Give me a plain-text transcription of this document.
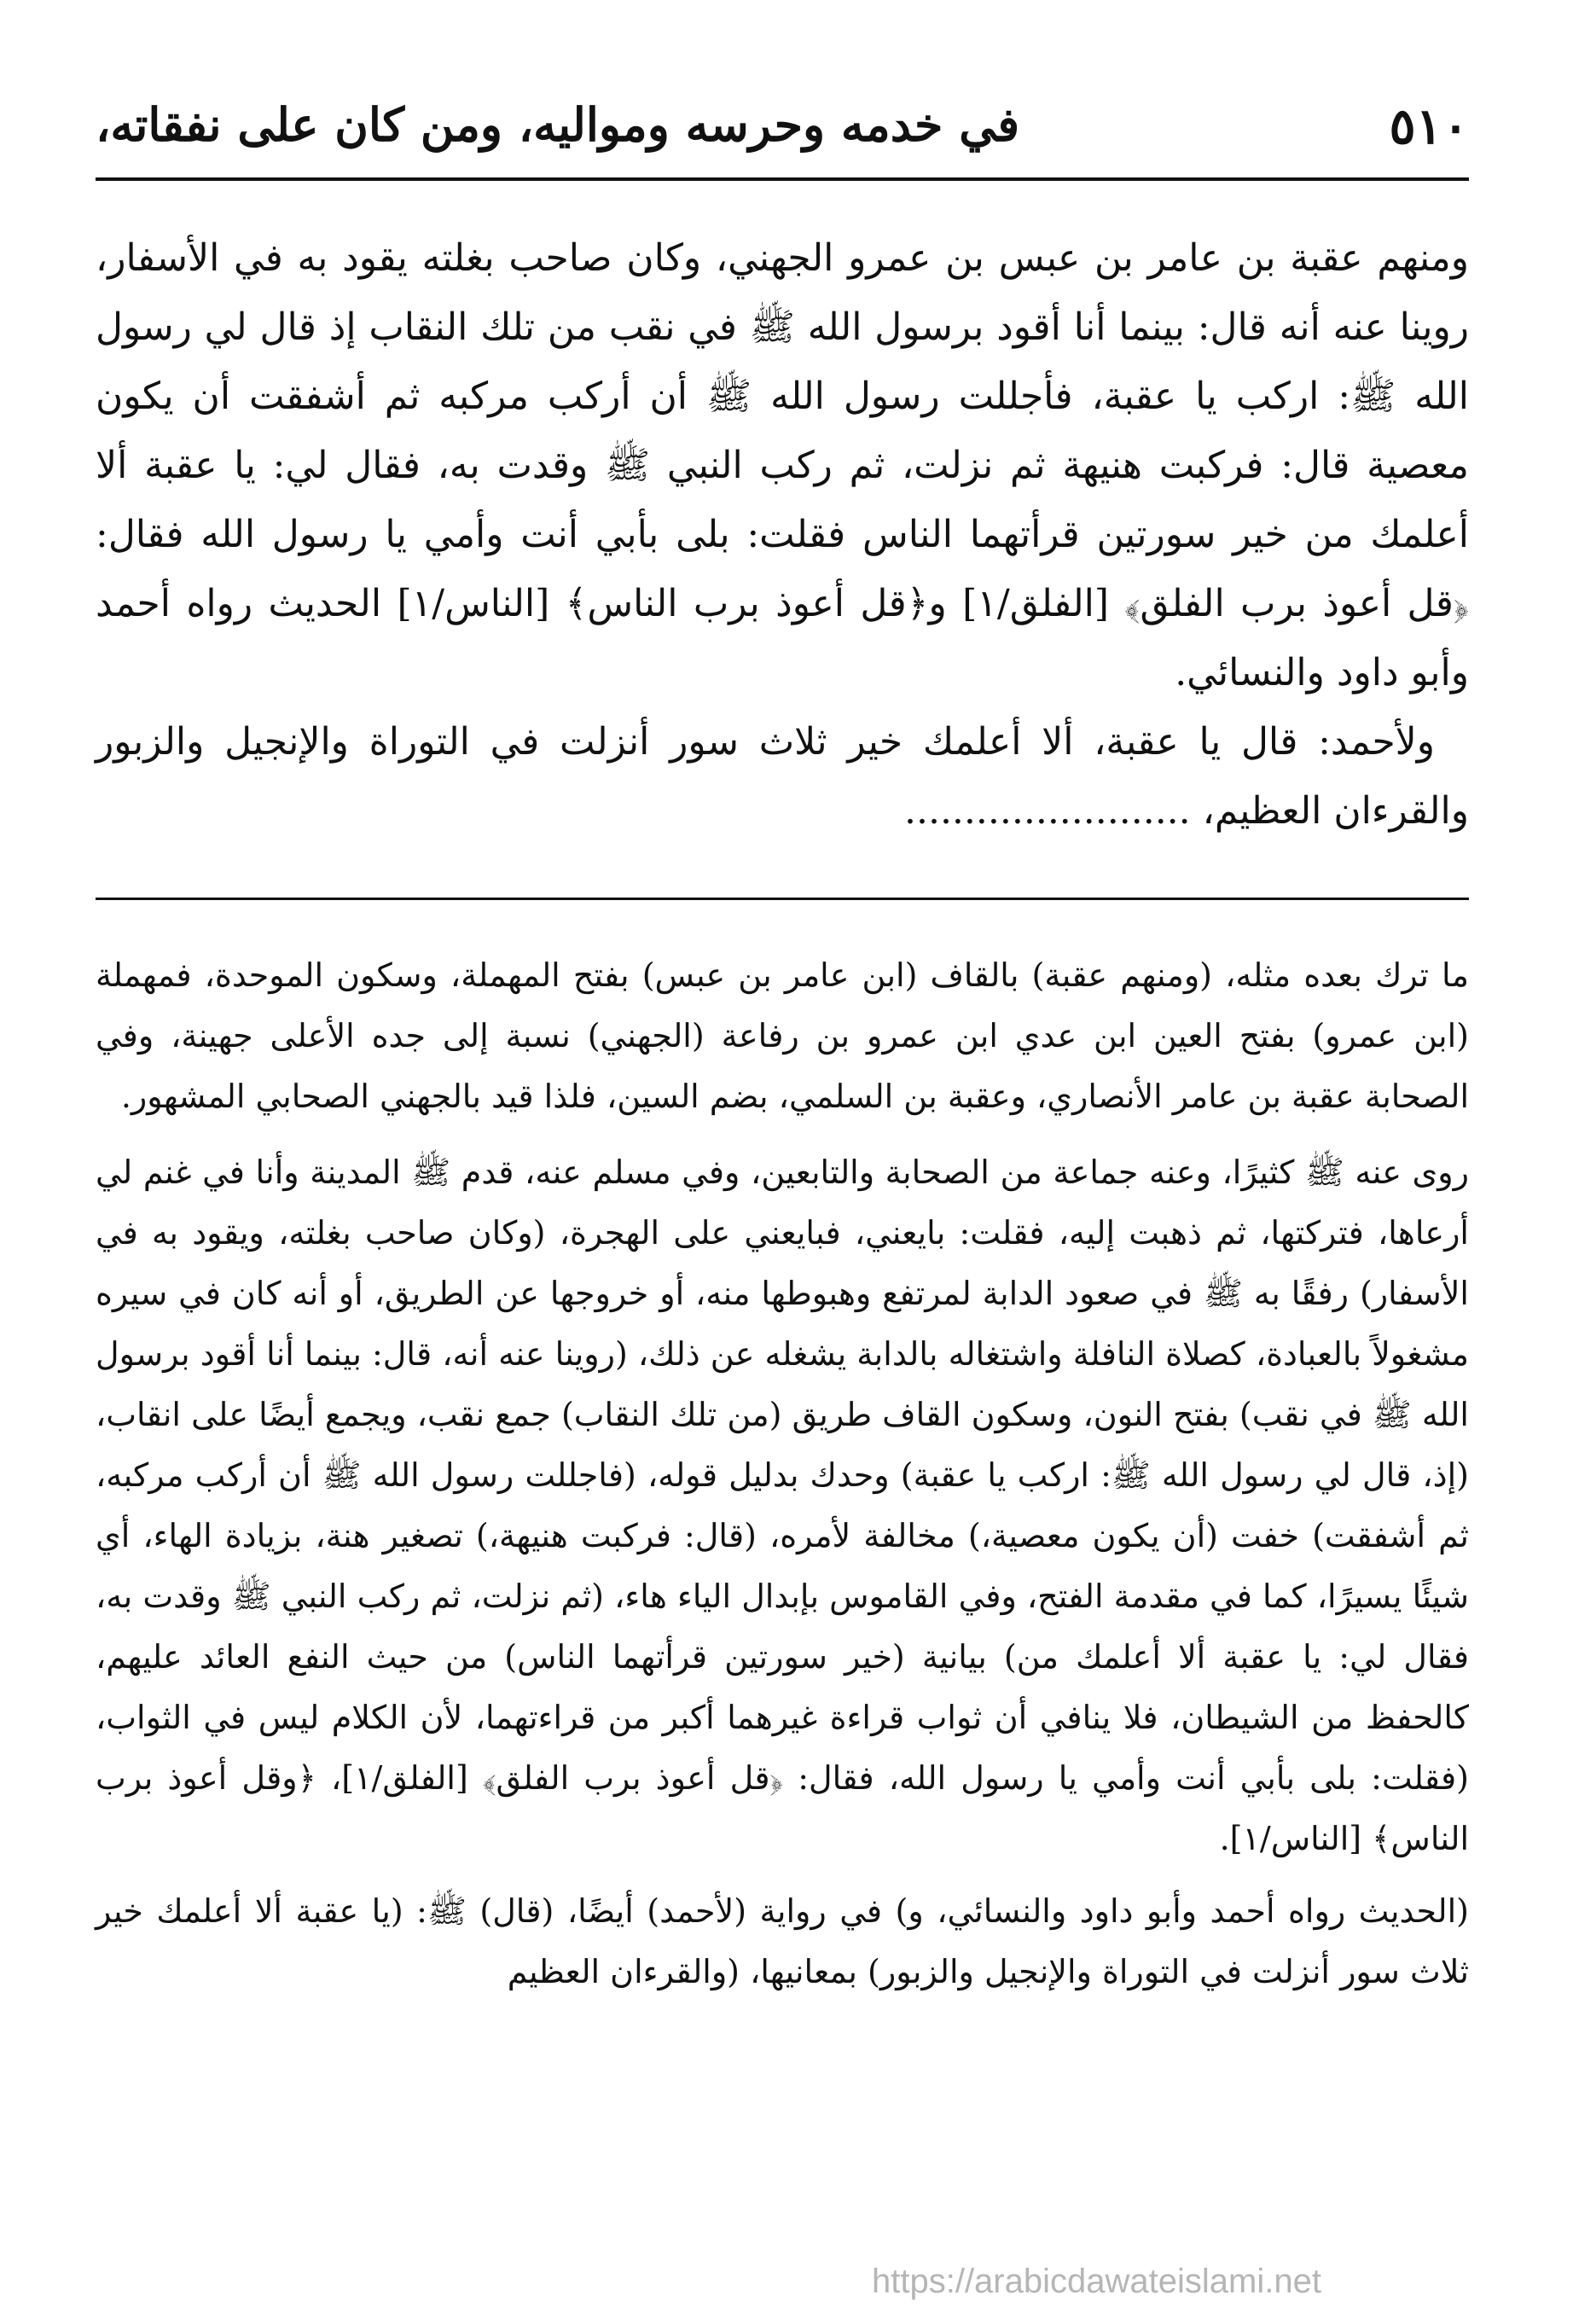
٥١٠
في خدمه وحرسه ومواليه، ومن كان على نفقاته،

ومنهم عقبة بن عامر بن عبس بن عمرو الجهني، وكان صاحب بغلته يقود به في الأسفار، روينا عنه أنه قال: بينما أنا أقود برسول الله ﷺ في نقب من تلك النقاب إذ قال لي رسول الله ﷺ: اركب يا عقبة، فأجللت رسول الله ﷺ أن أركب مركبه ثم أشفقت أن يكون معصية قال: فركبت هنيهة ثم نزلت، ثم ركب النبي ﷺ وقدت به، فقال لي: يا عقبة ألا أعلمك من خير سورتين قرأتهما الناس فقلت: بلى بأبي أنت وأمي يا رسول الله فقال: ﴿قل أعوذ برب الفلق﴾ [الفلق/١] و﴿قل أعوذ برب الناس﴾ [الناس/١] الحديث رواه أحمد وأبو داود والنسائي.

ولأحمد: قال يا عقبة، ألا أعلمك خير ثلاث سور أنزلت في التوراة والإنجيل والزبور والقرءان العظيم، ........................

ما ترك بعده مثله، (ومنهم عقبة) بالقاف (ابن عامر بن عبس) بفتح المهملة، وسكون الموحدة، فمهملة (ابن عمرو) بفتح العين ابن عدي ابن عمرو بن رفاعة (الجهني) نسبة إلى جده الأعلى جهينة، وفي الصحابة عقبة بن عامر الأنصاري، وعقبة بن السلمي، بضم السين، فلذا قيد بالجهني الصحابي المشهور.

روى عنه ﷺ كثيرًا، وعنه جماعة من الصحابة والتابعين، وفي مسلم عنه، قدم ﷺ المدينة وأنا في غنم لي أرعاها، فتركتها، ثم ذهبت إليه، فقلت: بايعني، فبايعني على الهجرة، (وكان صاحب بغلته، ويقود به في الأسفار) رفقًا به ﷺ في صعود الدابة لمرتفع وهبوطها منه، أو خروجها عن الطريق، أو أنه كان في سيره مشغولاً بالعبادة، كصلاة النافلة واشتغاله بالدابة يشغله عن ذلك، (روينا عنه أنه، قال: بينما أنا أقود برسول الله ﷺ في نقب) بفتح النون، وسكون القاف طريق (من تلك النقاب) جمع نقب، ويجمع أيضًا على انقاب، (إذ، قال لي رسول الله ﷺ: اركب يا عقبة) وحدك بدليل قوله، (فاجللت رسول الله ﷺ أن أركب مركبه، ثم أشفقت) خفت (أن يكون معصية،) مخالفة لأمره، (قال: فركبت هنيهة،) تصغير هنة، بزيادة الهاء، أي شيئًا يسيرًا، كما في مقدمة الفتح، وفي القاموس بإبدال الياء هاء، (ثم نزلت، ثم ركب النبي ﷺ وقدت به، فقال لي: يا عقبة ألا أعلمك من) بيانية (خير سورتين قرأتهما الناس) من حيث النفع العائد عليهم، كالحفظ من الشيطان، فلا ينافي أن ثواب قراءة غيرهما أكبر من قراءتهما، لأن الكلام ليس في الثواب، (فقلت: بلى بأبي أنت وأمي يا رسول الله، فقال: ﴿قل أعوذ برب الفلق﴾ [الفلق/١]، ﴿وقل أعوذ برب الناس﴾ [الناس/١].

(الحديث رواه أحمد وأبو داود والنسائي، و) في رواية (لأحمد) أيضًا، (قال) ﷺ: (يا عقبة ألا أعلمك خير ثلاث سور أنزلت في التوراة والإنجيل والزبور) بمعانيها، (والقرءان العظيم

https://arabicdawateislami.net
